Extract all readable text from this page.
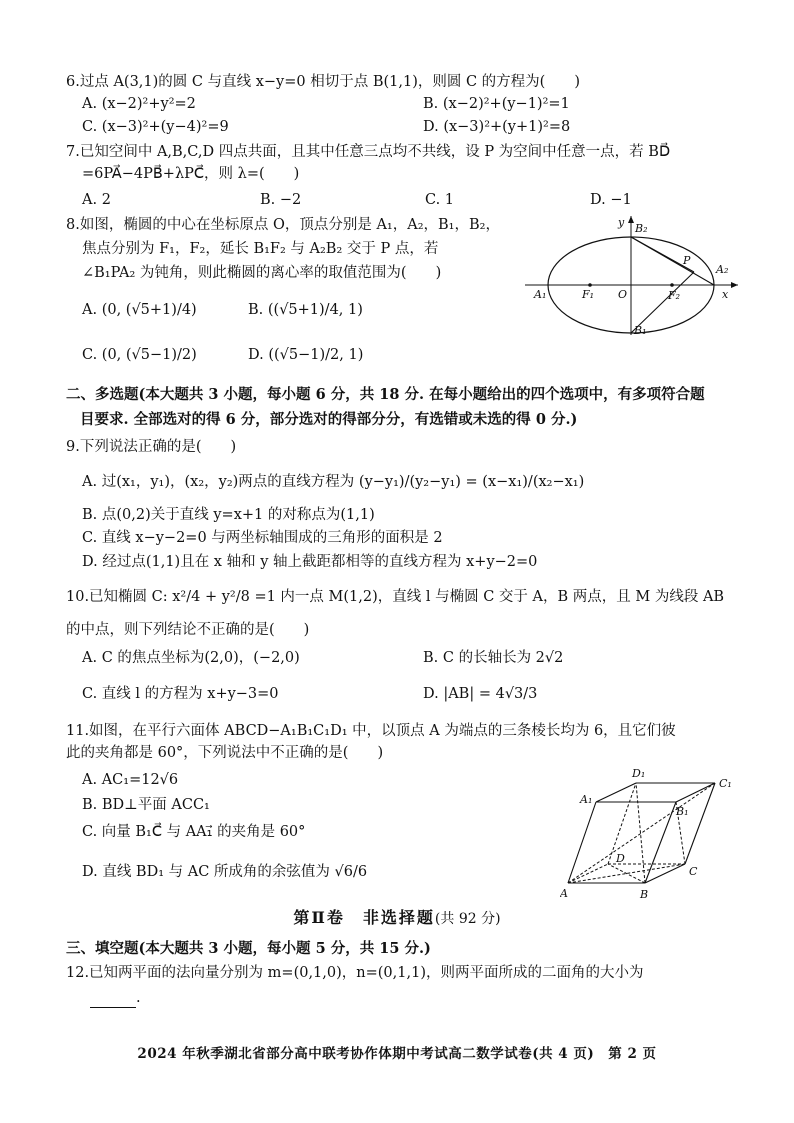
6.过点 A(3,1)的圆 C 与直线 x−y=0 相切于点 B(1,1)，则圆 C 的方程为(　　)
A. (x−2)²+y²=2	B. (x−2)²+(y−1)²=1
C. (x−3)²+(y−4)²=9	D. (x−3)²+(y+1)²=8
7.已知空间中 A,B,C,D 四点共面，且其中任意三点均不共线，设 P 为空间中任意一点，若 BD⃗
=6PA⃗−4PB⃗+λPC⃗，则 λ=(　　)
A. 2	B. −2	C. 1	D. −1
8.如图，椭圆的中心在坐标原点 O，顶点分别是 A₁，A₂，B₁，B₂，
焦点分别为 F₁，F₂，延长 B₁F₂ 与 A₂B₂ 交于 P 点，若
∠B₁PA₂ 为钝角，则此椭圆的离心率的取值范围为(　　)
A. (0, (√5+1)/4)	B. ((√5+1)/4, 1)
C. (0, (√5−1)/2)	D. ((√5−1)/2, 1)
y B₂
x
O
A₁
A₂
F₁	F₂
P
B₁
二、多选题(本大题共 3 小题，每小题 6 分，共 18 分. 在每小题给出的四个选项中，有多项符合题
目要求. 全部选对的得 6 分，部分选对的得部分分，有选错或未选的得 0 分.)
9.下列说法正确的是(　　)
A. 过(x₁，y₁)，(x₂，y₂)两点的直线方程为 (y−y₁)/(y₂−y₁) = (x−x₁)/(x₂−x₁)
B. 点(0,2)关于直线 y=x+1 的对称点为(1,1)
C. 直线 x−y−2=0 与两坐标轴围成的三角形的面积是 2
D. 经过点(1,1)且在 x 轴和 y 轴上截距都相等的直线方程为 x+y−2=0
10.已知椭圆 C: x²/4 + y²/8 =1 内一点 M(1,2)，直线 l 与椭圆 C 交于 A，B 两点，且 M 为线段 AB
的中点，则下列结论不正确的是(　　)
A. C 的焦点坐标为(2,0)，(−2,0)	B. C 的长轴长为 2√2
C. 直线 l 的方程为 x+y−3=0	D. |AB| = 4√3/3
11.如图，在平行六面体 ABCD−A₁B₁C₁D₁ 中，以顶点 A 为端点的三条棱长均为 6，且它们彼
此的夹角都是 60°，下列说法中不正确的是(　　)
A. AC₁=12√6
B. BD⊥平面 ACC₁
C. 向量 B₁C⃗ 与 AA₁⃗ 的夹角是 60°
D. 直线 BD₁ 与 AC 所成角的余弦值为 √6/6
A	B
C
D
A₁
B₁
C₁
D₁
第Ⅱ卷　非选择题(共 92 分)
三、填空题(本大题共 3 小题，每小题 5 分，共 15 分.)
12.已知两平面的法向量分别为 m=(0,1,0)，n=(0,1,1)，则两平面所成的二面角的大小为
.
2024 年秋季湖北省部分高中联考协作体期中考试高二数学试卷(共 4 页)　第 2 页
